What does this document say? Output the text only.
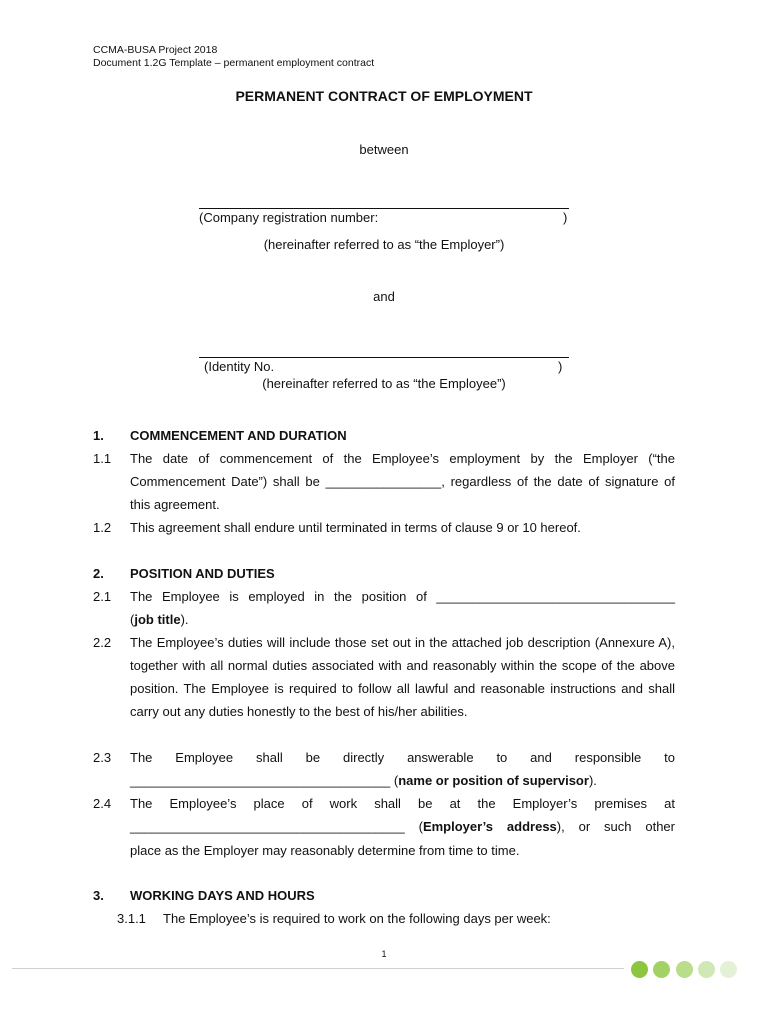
CCMA-BUSA Project 2018
Document 1.2G Template – permanent employment contract
PERMANENT CONTRACT OF EMPLOYMENT
between
(Company registration number:	)
(hereinafter referred to as “the Employer”)
and
(Identity No.	)
(hereinafter referred to as “the Employee”)
1. COMMENCEMENT AND DURATION
1.1 The date of commencement of the Employee’s employment by the Employer (“the Commencement Date”) shall be ________________, regardless of the date of signature of this agreement.
1.2 This agreement shall endure until terminated in terms of clause 9 or 10 hereof.
2. POSITION AND DUTIES
2.1 The Employee is employed in the position of _________________________________
(job title).
2.2 The Employee’s duties will include those set out in the attached job description (Annexure A), together with all normal duties associated with and reasonably within the scope of the above position. The Employee is required to follow all lawful and reasonable instructions and shall carry out any duties honestly to the best of his/her abilities.
2.3 The Employee shall be directly answerable to and responsible to
____________________________________ (name or position of supervisor).
2.4 The Employee’s place of work shall be at the Employer’s premises at
______________________________________ (Employer’s address), or such other
place as the Employer may reasonably determine from time to time.
3. WORKING DAYS AND HOURS
3.1.1 The Employee’s is required to work on the following days per week:
1
